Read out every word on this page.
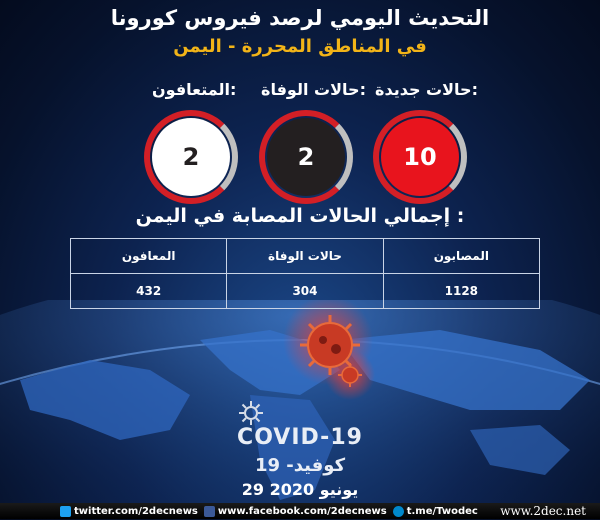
التحديث اليومي لرصد فيروس كورونا
في المناطق المحررة - اليمن
حالات جديدة:
حالات الوفاة:
المتعافون:
10
2
2
إجمالي الحالات المصابة في اليمن :
المعافون	حالات الوفاة	المصابون
432	304	1128
COVID-19
كوفيد- 19
29 يونيو 2020
twitter.com/2decnews www.facebook.com/2decnews t.me/Twodec www.2dec.net
